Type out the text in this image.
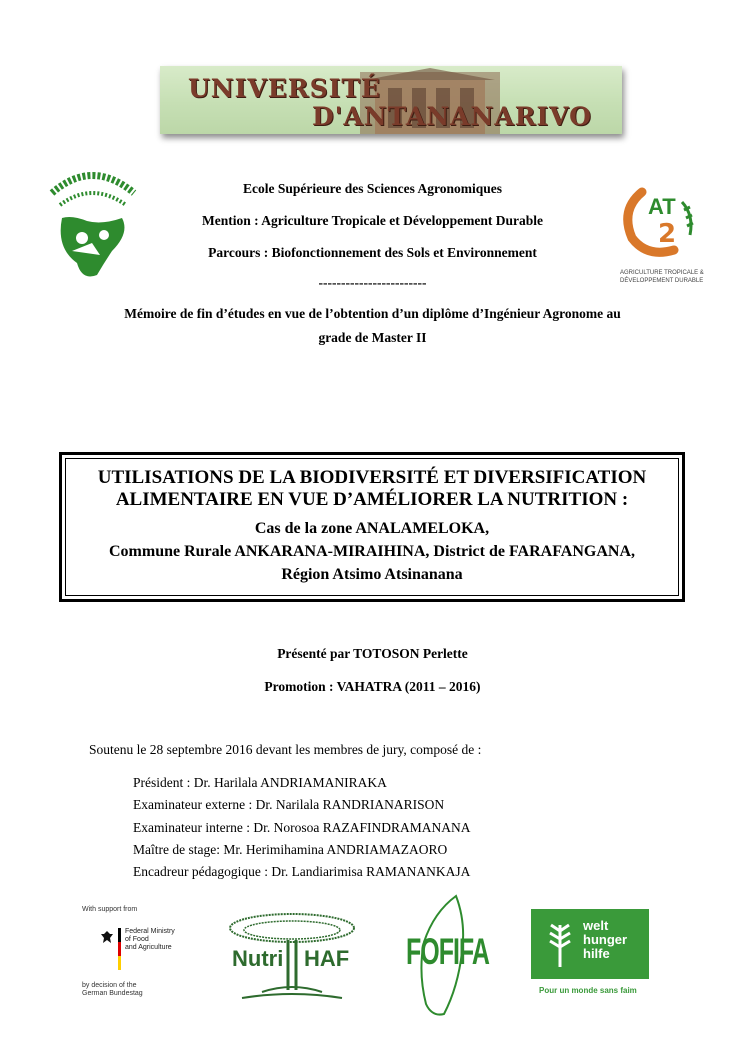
UNIVERSITÉ
D'ANTANANARIVO
Ecole Supérieure des Sciences Agronomiques
Mention : Agriculture Tropicale et Développement Durable
Parcours : Biofonctionnement des Sols et Environnement
------------------------
Mémoire de fin d’études en vue de l’obtention d’un diplôme d’Ingénieur Agronome au
grade de Master II
2
AT
AGRICULTURE TROPICALE &
DÉVELOPPEMENT DURABLE
UTILISATIONS DE LA BIODIVERSITÉ ET DIVERSIFICATION
ALIMENTAIRE EN VUE D’AMÉLIORER LA NUTRITION :
Cas de la zone ANALAMELOKA,
Commune Rurale ANKARANA-MIRAIHINA, District de FARAFANGANA,
Région Atsimo Atsinanana
Présenté par TOTOSON Perlette
Promotion : VAHATRA (2011 – 2016)
Soutenu le 28 septembre 2016 devant les membres de jury, composé de :
Président : Dr. Harilala ANDRIAMANIRAKA
Examinateur externe : Dr. Narilala RANDRIANARISON
Examinateur interne : Dr. Norosoa RAZAFINDRAMANANA
Maître de stage: Mr. Herimihamina ANDRIAMAZAORO
Encadreur pédagogique : Dr. Landiarimisa RAMANANKAJA
With support from
Federal Ministry
of Food
and Agriculture
by decision of the
German Bundestag
Nutri HAF FOFIFA
welt
hunger
hilfe
Pour un monde sans faim
